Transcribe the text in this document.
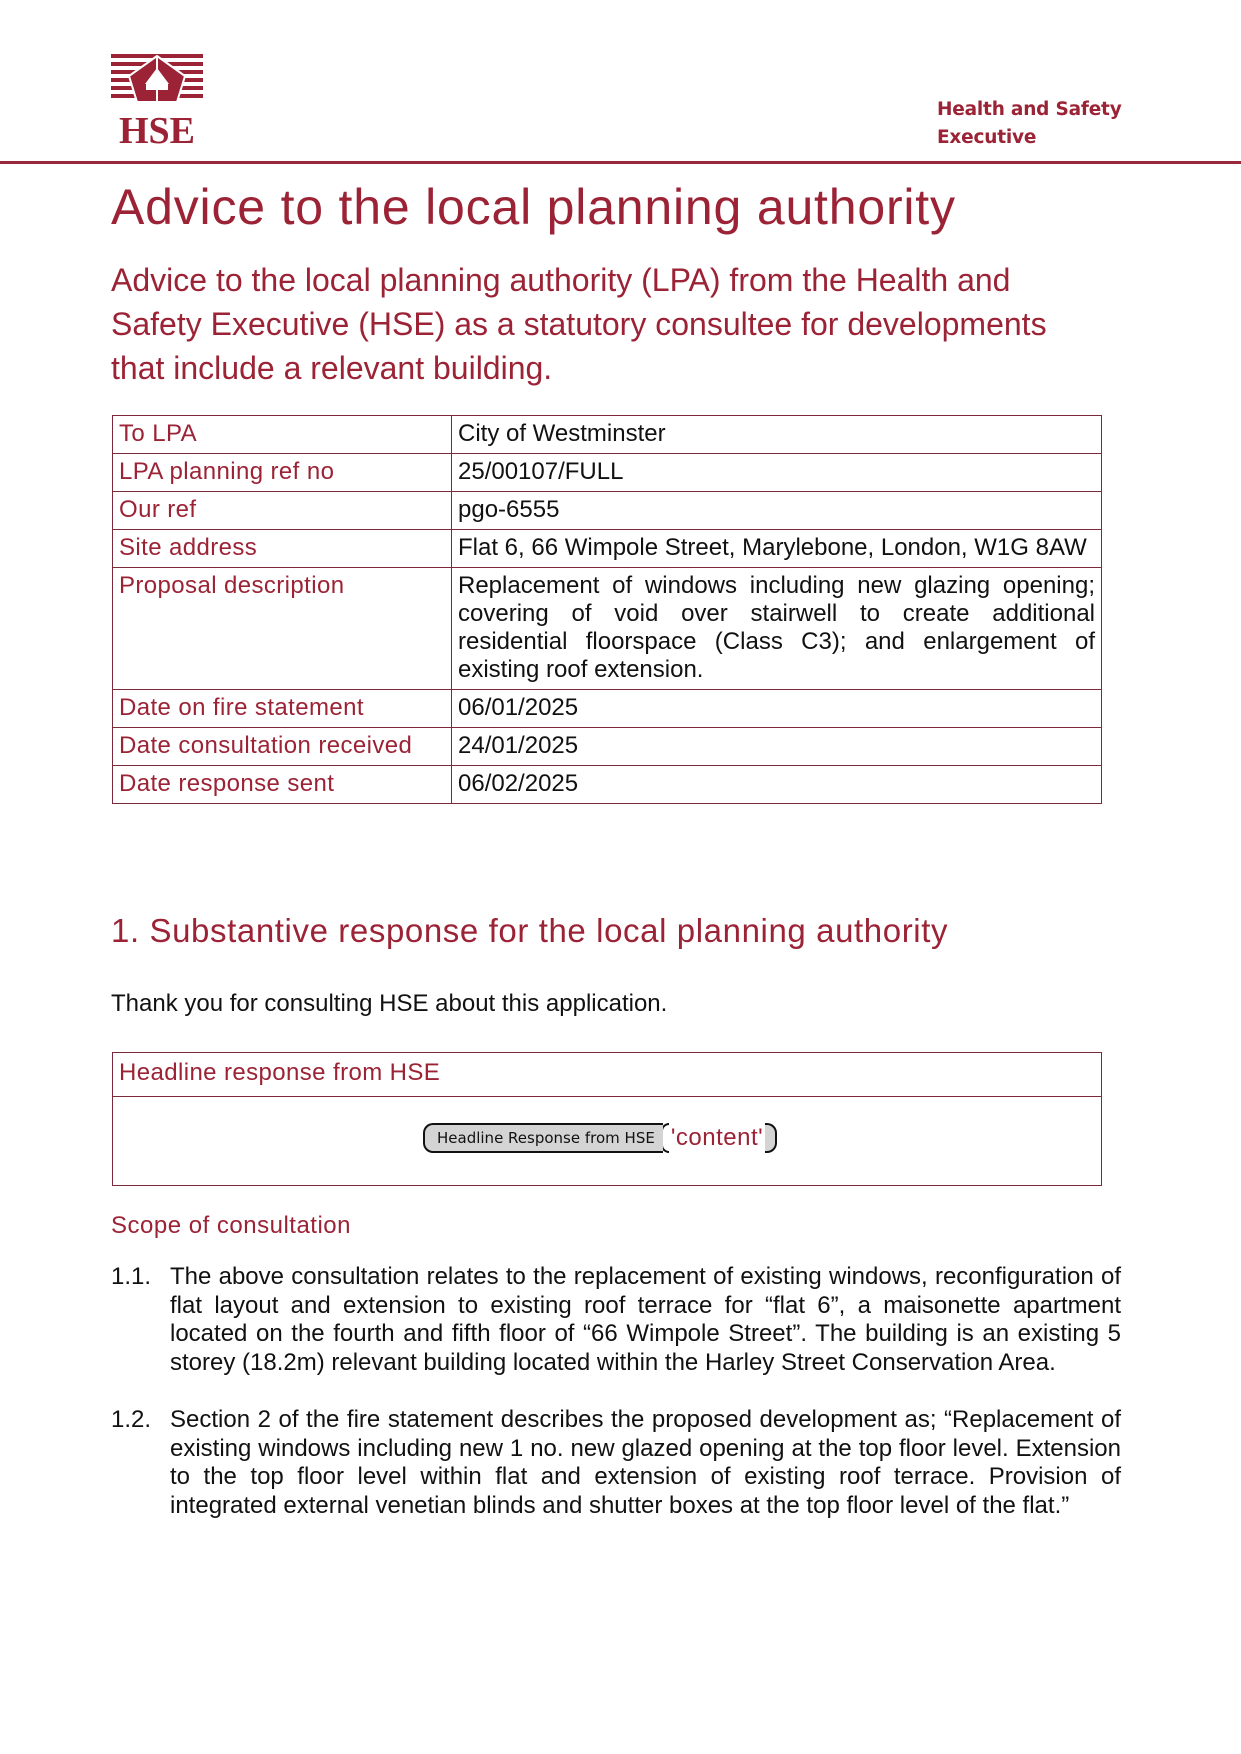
HSE
Health and Safety
Executive
Advice to the local planning authority

Advice to the local planning authority (LPA) from the Health and Safety Executive (HSE) as a statutory consultee for developments that include a relevant building.

To LPA	City of Westminster
LPA planning ref no	25/00107/FULL
Our ref	pgo-6555
Site address	Flat 6, 66 Wimpole Street, Marylebone, London, W1G 8AW
Proposal description	Replacement of windows including new glazing opening; covering of void over stairwell to create additional residential floorspace (Class C3); and enlargement of existing roof extension.
Date on fire statement	06/01/2025
Date consultation received	24/01/2025
Date response sent	06/02/2025
1. Substantive response for the local planning authority

Thank you for consulting HSE about this application.

Headline response from HSE
Headline Response from HSE 'content'
Scope of consultation
1.1. The above consultation relates to the replacement of existing windows, reconfiguration of flat layout and extension to existing roof terrace for “flat 6”, a maisonette apartment located on the fourth and fifth floor of “66 Wimpole Street”. The building is an existing 5 storey (18.2m) relevant building located within the Harley Street Conservation Area.
1.2. Section 2 of the fire statement describes the proposed development as; “Replacement of existing windows including new 1 no. new glazed opening at the top floor level. Extension to the top floor level within flat and extension of existing roof terrace. Provision of integrated external venetian blinds and shutter boxes at the top floor level of the flat.”
